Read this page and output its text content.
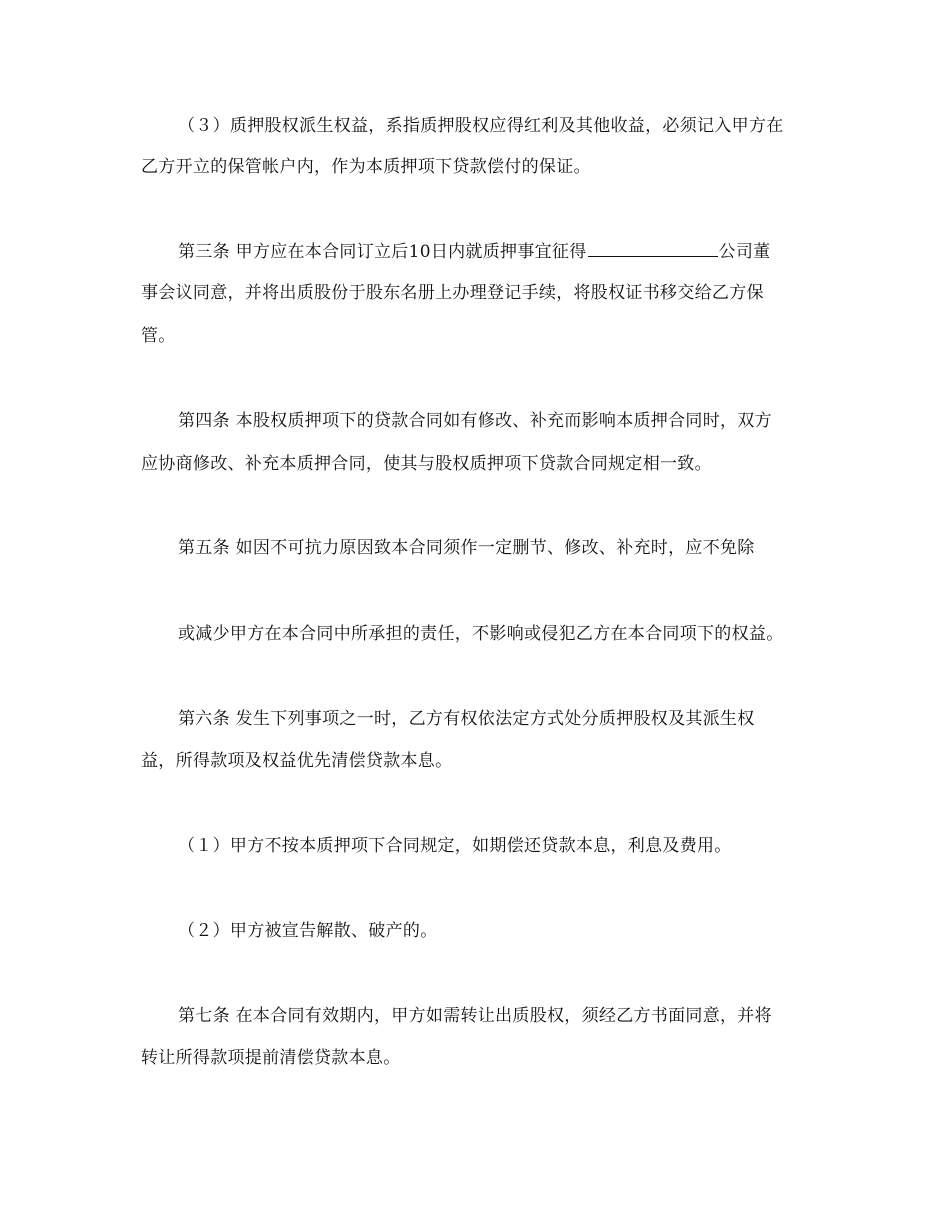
（３）质押股权派生权益，系指质押股权应得红利及其他收益，必须记入甲方在
乙方开立的保管帐户内，作为本质押项下贷款偿付的保证。
第三条 甲方应在本合同订立后10日内就质押事宜征得	公司董
事会议同意，并将出质股份于股东名册上办理登记手续，将股权证书移交给乙方保
管。
第四条 本股权质押项下的贷款合同如有修改、补充而影响本质押合同时，双方
应协商修改、补充本质押合同，使其与股权质押项下贷款合同规定相一致。
第五条 如因不可抗力原因致本合同须作一定删节、修改、补充时，应不免除
或减少甲方在本合同中所承担的责任，不影响或侵犯乙方在本合同项下的权益。
第六条 发生下列事项之一时，乙方有权依法定方式处分质押股权及其派生权
益，所得款项及权益优先清偿贷款本息。
（１）甲方不按本质押项下合同规定，如期偿还贷款本息，利息及费用。
（２）甲方被宣告解散、破产的。
第七条 在本合同有效期内，甲方如需转让出质股权，须经乙方书面同意，并将
转让所得款项提前清偿贷款本息。
